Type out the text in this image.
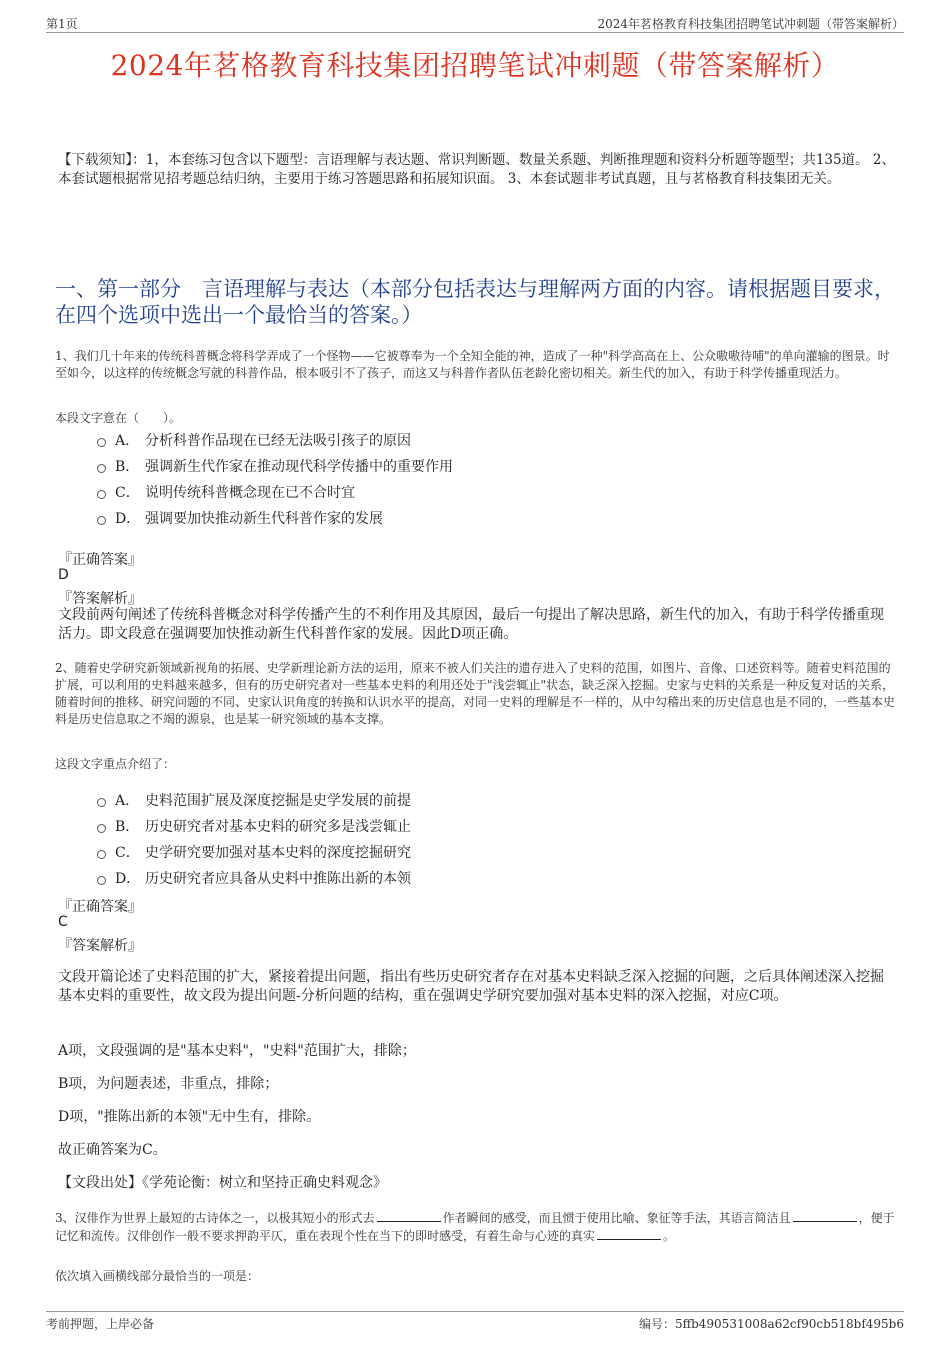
第1页	2024年茗格教育科技集团招聘笔试冲刺题（带答案解析）
2024年茗格教育科技集团招聘笔试冲刺题（带答案解析）
【下载须知】：1，本套练习包含以下题型：言语理解与表达题、常识判断题、数量关系题、判断推理题和资料分析题等题型；共135道。 2、本套试题根据常见招考题总结归纳，主要用于练习答题思路和拓展知识面。 3、本套试题非考试真题，且与茗格教育科技集团无关。
一、第一部分　言语理解与表达（本部分包括表达与理解两方面的内容。请根据题目要求，在四个选项中选出一个最恰当的答案。）
1、我们几十年来的传统科普概念将科学弄成了一个怪物——它被尊奉为一个全知全能的神，造成了一种"科学高高在上、公众嗷嗷待哺"的单向灌输的图景。时至如今，以这样的传统概念写就的科普作品，根本吸引不了孩子，而这又与科普作者队伍老龄化密切相关。新生代的加入，有助于科学传播重现活力。
本段文字意在（　　）。
A． 分析科普作品现在已经无法吸引孩子的原因
B． 强调新生代作家在推动现代科学传播中的重要作用
C． 说明传统科普概念现在已不合时宜
D． 强调要加快推动新生代科普作家的发展
『正确答案』
D
『答案解析』
文段前两句阐述了传统科普概念对科学传播产生的不利作用及其原因，最后一句提出了解决思路，新生代的加入，有助于科学传播重现活力。即文段意在强调要加快推动新生代科普作家的发展。因此D项正确。
2、随着史学研究新领域新视角的拓展、史学新理论新方法的运用，原来不被人们关注的遗存进入了史料的范围，如图片、音像、口述资料等。随着史料范围的扩展，可以利用的史料越来越多，但有的历史研究者对一些基本史料的利用还处于"浅尝辄止"状态，缺乏深入挖掘。史家与史料的关系是一种反复对话的关系，随着时间的推移、研究问题的不同、史家认识角度的转换和认识水平的提高，对同一史料的理解是不一样的，从中勾稽出来的历史信息也是不同的，一些基本史料是历史信息取之不竭的源泉，也是某一研究领域的基本支撑。
这段文字重点介绍了：
A． 史料范围扩展及深度挖掘是史学发展的前提
B． 历史研究者对基本史料的研究多是浅尝辄止
C． 史学研究要加强对基本史料的深度挖掘研究
D． 历史研究者应具备从史料中推陈出新的本领
『正确答案』
C
『答案解析』
文段开篇论述了史料范围的扩大，紧接着提出问题，指出有些历史研究者存在对基本史料缺乏深入挖掘的问题，之后具体阐述深入挖掘基本史料的重要性，故文段为提出问题-分析问题的结构，重在强调史学研究要加强对基本史料的深入挖掘，对应C项。
A项，文段强调的是"基本史料"，"史料"范围扩大，排除；
B项，为问题表述，非重点，排除；
D项，"推陈出新的本领"无中生有，排除。
故正确答案为C。
【文段出处】《学苑论衡：树立和坚持正确史料观念》
3、汉俳作为世界上最短的古诗体之一，以极其短小的形式去	作者瞬间的感受，而且惯于使用比喻、象征等手法，其语言简洁且	，便于记忆和流传。汉俳创作一般不要求押韵平仄，重在表现个性在当下的即时感受，有着生命与心迹的真实	。
依次填入画横线部分最恰当的一项是：
考前押题，上岸必备	编号：5ffb490531008a62cf90cb518bf495b6
